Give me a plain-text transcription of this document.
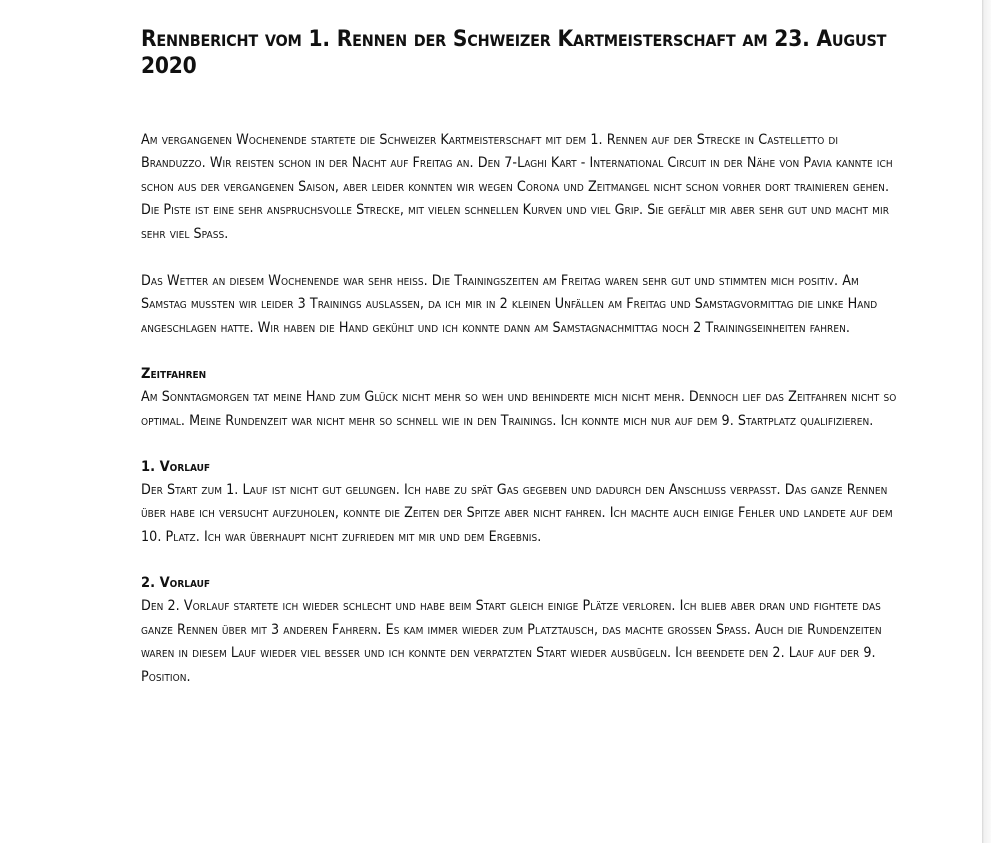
Rennbericht vom 1. Rennen der Schweizer Kartmeisterschaft am 23. August 2020

Am vergangenen Wochenende startete die Schweizer Kartmeisterschaft mit dem 1. Rennen auf der Strecke in Castelletto di Branduzzo. Wir reisten schon in der Nacht auf Freitag an. Den 7-Laghi Kart - International Circuit in der Nähe von Pavia kannte ich schon aus der vergangenen Saison, aber leider konnten wir wegen Corona und Zeitmangel nicht schon vorher dort trainieren gehen. Die Piste ist eine sehr anspruchsvolle Strecke, mit vielen schnellen Kurven und viel Grip. Sie gefällt mir aber sehr gut und macht mir sehr viel Spass.

Das Wetter an diesem Wochenende war sehr heiss. Die Trainingszeiten am Freitag waren sehr gut und stimmten mich positiv. Am Samstag mussten wir leider 3 Trainings auslassen, da ich mir in 2 kleinen Unfällen am Freitag und Samstagvormittag die linke Hand angeschlagen hatte. Wir haben die Hand gekühlt und ich konnte dann am Samstagnachmittag noch 2 Trainingseinheiten fahren.

Zeitfahren

Am Sonntagmorgen tat meine Hand zum Glück nicht mehr so weh und behinderte mich nicht mehr. Dennoch lief das Zeitfahren nicht so optimal. Meine Rundenzeit war nicht mehr so schnell wie in den Trainings. Ich konnte mich nur auf dem 9. Startplatz qualifizieren.

1. Vorlauf

Der Start zum 1. Lauf ist nicht gut gelungen. Ich habe zu spät Gas gegeben und dadurch den Anschluss verpasst. Das ganze Rennen über habe ich versucht aufzuholen, konnte die Zeiten der Spitze aber nicht fahren. Ich machte auch einige Fehler und landete auf dem 10. Platz. Ich war überhaupt nicht zufrieden mit mir und dem Ergebnis.

2. Vorlauf

Den 2. Vorlauf startete ich wieder schlecht und habe beim Start gleich einige Plätze verloren. Ich blieb aber dran und fightete das ganze Rennen über mit 3 anderen Fahrern. Es kam immer wieder zum Platztausch, das machte grossen Spass. Auch die Rundenzeiten waren in diesem Lauf wieder viel besser und ich konnte den verpatzten Start wieder ausbügeln. Ich beendete den 2. Lauf auf der 9. Position.
